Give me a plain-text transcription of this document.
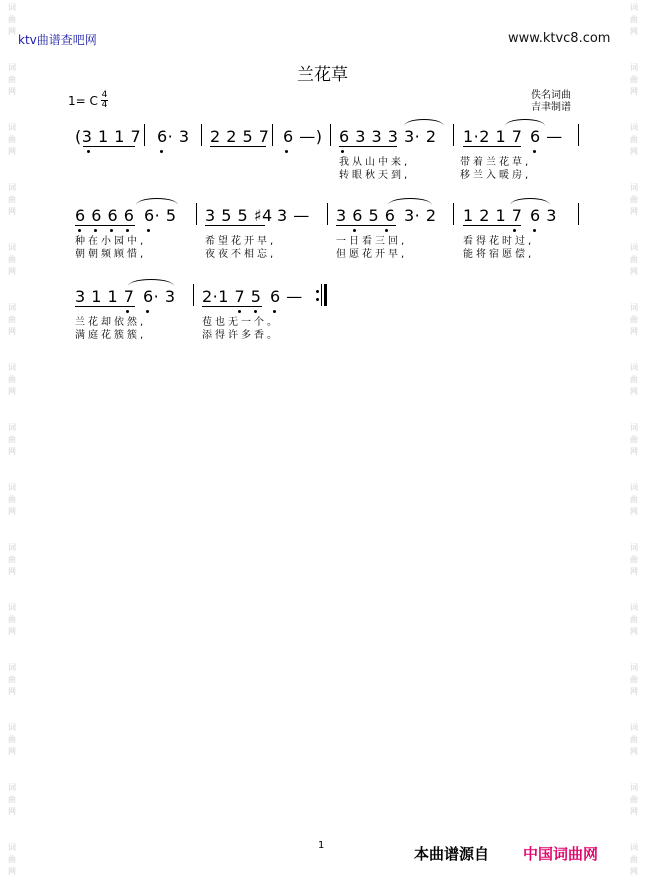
ktv曲谱查吧网	www.ktvc8.com
兰花草
佚名词曲
吉聿制谱
1= C 4
4
(3 1 1 7 6· 3 2 2 5 7 6 —) 6 3 3 3 3· 2 1·2 1 7 6 —
我从山中来,	带着兰花草,
转眼秋天到,	移兰入暖房,
6 6 6 6 6· 5 3 5 5 ♯4 3 — 3 6 5 6 3· 2 1 2 1 7 6 3
种在小园中,	希望花开早,	一日看三回,	看得花时过,
朝朝频顾惜,	夜夜不相忘,	但愿花开早,	能将宿愿偿,
3 1 1 7 6· 3 2·1 7 5 6 —
兰花却依然,	苞也无一个。
满庭花簇簇,	添得许多香。
1	本曲谱源自 中国词曲网
词
曲
网
词
曲
网
词
曲
网
词
曲
网
词
曲
网
词
曲
网
词
曲
网
词
曲
网
词
曲
网
词
曲
网
词
曲
网
词
曲
网
词
曲
网
词
曲
网
词
曲
网
词
曲
网
词
曲
网
词
曲
网
词
曲
网
词
曲
网
词
曲
网
词
曲
网
词
曲
网
词
曲
网
词
曲
网
词
曲
网
词
曲
网
词
曲
网
词
曲
网
词
曲
网
